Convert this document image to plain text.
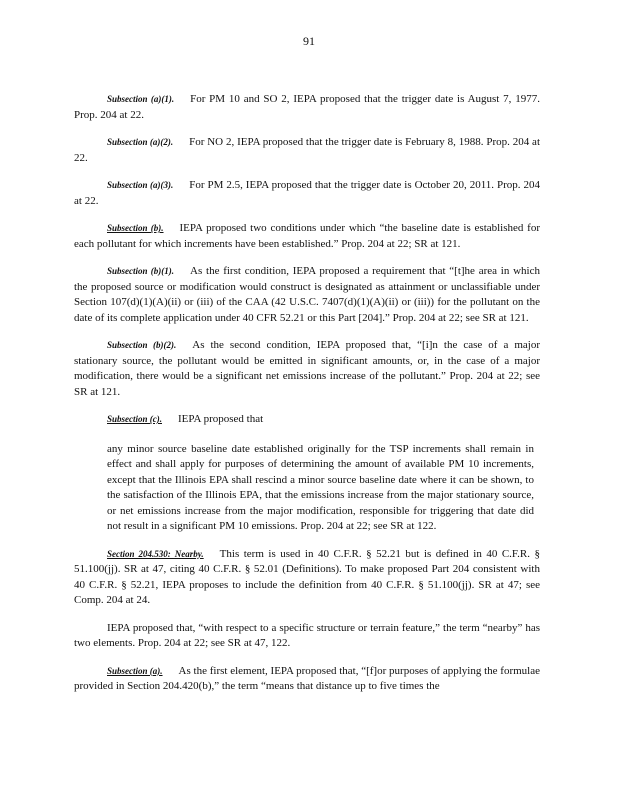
91

Subsection (a)(1). For PM 10 and SO 2, IEPA proposed that the trigger date is August 7, 1977. Prop. 204 at 22.

Subsection (a)(2). For NO 2, IEPA proposed that the trigger date is February 8, 1988. Prop. 204 at 22.

Subsection (a)(3). For PM 2.5, IEPA proposed that the trigger date is October 20, 2011. Prop. 204 at 22.

Subsection (b). IEPA proposed two conditions under which “the baseline date is established for each pollutant for which increments have been established.” Prop. 204 at 22; SR at 121.

Subsection (b)(1). As the first condition, IEPA proposed a requirement that “[t]he area in which the proposed source or modification would construct is designated as attainment or unclassifiable under Section 107(d)(1)(A)(ii) or (iii) of the CAA (42 U.S.C. 7407(d)(1)(A)(ii) or (iii)) for the pollutant on the date of its complete application under 40 CFR 52.21 or this Part [204].” Prop. 204 at 22; see SR at 121.

Subsection (b)(2). As the second condition, IEPA proposed that, “[i]n the case of a major stationary source, the pollutant would be emitted in significant amounts, or, in the case of a major modification, there would be a significant net emissions increase of the pollutant.” Prop. 204 at 22; see SR at 121.

Subsection (c). IEPA proposed that

any minor source baseline date established originally for the TSP increments shall remain in effect and shall apply for purposes of determining the amount of available PM 10 increments, except that the Illinois EPA shall rescind a minor source baseline date where it can be shown, to the satisfaction of the Illinois EPA, that the emissions increase from the major stationary source, or net emissions increase from the major modification, responsible for triggering that date did not result in a significant PM 10 emissions. Prop. 204 at 22; see SR at 122.

Section 204.530: Nearby. This term is used in 40 C.F.R. § 52.21 but is defined in 40 C.F.R. § 51.100(jj). SR at 47, citing 40 C.F.R. § 52.01 (Definitions). To make proposed Part 204 consistent with 40 C.F.R. § 52.21, IEPA proposes to include the definition from 40 C.F.R. § 51.100(jj). SR at 47; see Comp. 204 at 24.

IEPA proposed that, “with respect to a specific structure or terrain feature,” the term “nearby” has two elements. Prop. 204 at 22; see SR at 47, 122.

Subsection (a). As the first element, IEPA proposed that, “[f]or purposes of applying the formulae provided in Section 204.420(b),” the term “means that distance up to five times the
